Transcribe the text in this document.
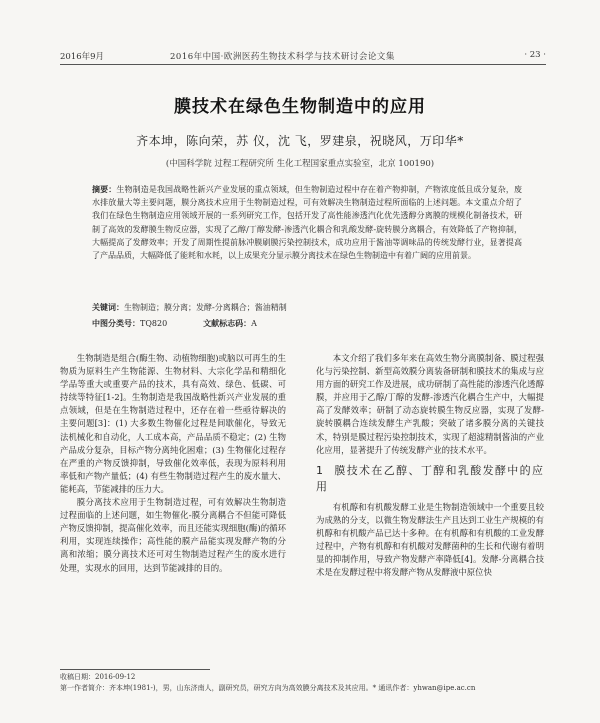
2016年9月	2016年中国·欧洲医药生物技术科学与技术研讨会论文集	· 23 ·
膜技术在绿色生物制造中的应用
齐本坤，陈向荣，苏 仪，沈 飞，罗建泉，祝晓风，万印华*
(中国科学院 过程工程研究所 生化工程国家重点实验室，北京 100190)
摘要：生物制造是我国战略性新兴产业发展的重点领域，但生物制造过程中存在着产物抑制，产物浓度低且成分复杂，废水排放量大等主要问题，膜分离技术应用于生物制造过程，可有效解决生物制造过程所面临的上述问题。本文重点介绍了我们在绿色生物制造应用领域开展的一系列研究工作，包括开发了高性能渗透汽化优先透醇分离膜的规模化制备技术，研制了高效的发酵膜生物反应器，实现了乙醇/丁醇发酵-渗透汽化耦合和乳酸发酵-旋转膜分离耦合，有效降低了产物抑制，大幅提高了发酵效率；开发了周期性提前脉冲膜刷膜污染控制技术，成功应用于酱油等调味品的传统发酵行业，显著提高了产品品质，大幅降低了能耗和水耗，以上成果充分显示膜分离技术在绿色生物制造中有着广阔的应用前景。
关键词：生物制造；膜分离；发酵-分离耦合；酱油精制
中图分类号：TQ820	文献标志码：A

生物制造是组合(酶生物、动植物细胞)或脑以可再生的生物质为原料生产生物能源、生物材料、大宗化学品和精细化学品等重大或重要产品的技术，具有高效、绿色、低碳、可持续等特征[1-2]。生物制造是我国战略性新兴产业发展的重点领域，但是在生物制造过程中，还存在着一些亟待解决的主要问题[3]：(1) 大多数生物催化过程是间歇催化，导致无法机械化和自动化，人工成本高，产品品质不稳定；(2) 生物产品成分复杂，目标产物分离纯化困难；(3) 生物催化过程存在严重的产物反馈抑制，导致催化效率低，表现为原料利用率低和产物产量低；(4) 有些生物制造过程产生的废水量大、能耗高，节能减排的压力大。

膜分离技术应用于生物制造过程，可有效解决生物制造过程面临的上述问题，如生物催化-膜分离耦合不但能可降低产物反馈抑制，提高催化效率，而且还能实现细胞(酶)的循环利用，实现连续操作；高性能的膜产品能实现发酵产物的分离和浓缩；膜分离技术还可对生物制造过程产生的废水进行处理，实现水的回用，达到节能减排的目的。

本文介绍了我们多年来在高效生物分离膜制备、膜过程强化与污染控制、新型高效膜分离装备研制和膜技术的集成与应用方面的研究工作及进展，成功研制了高性能的渗透汽化透醇膜，并应用于乙醇/丁醇的发酵-渗透汽化耦合生产中，大幅提高了发酵效率；研制了动态旋转膜生物反应器，实现了发酵-旋转膜耦合连续发酵生产乳酸；突破了诸多膜分离的关键技术，特别是膜过程污染控制技术，实现了超滤精制酱油的产业化应用，显著提升了传统发酵产业的技术水平。

1 膜技术在乙醇、丁醇和乳酸发酵中的应用

有机醇和有机酸发酵工业是生物制造领域中一个重要且较为成熟的分支，以微生物发酵法生产且达到工业生产规模的有机醇和有机酸产品已达十多种。在有机醇和有机酸的工业发酵过程中，产物有机醇和有机酸对发酵菌种的生长和代谢有着明显的抑制作用，导致产物发酵产率降低[4]。发酵-分离耦合技术是在发酵过程中将发酵产物从发酵液中原位快

收稿日期：2016-09-12
第一作者简介：齐本坤(1981-)，男，山东济南人，副研究员，研究方向为高效膜分离技术及其应用。* 通讯作者：yhwan@ipe.ac.cn
